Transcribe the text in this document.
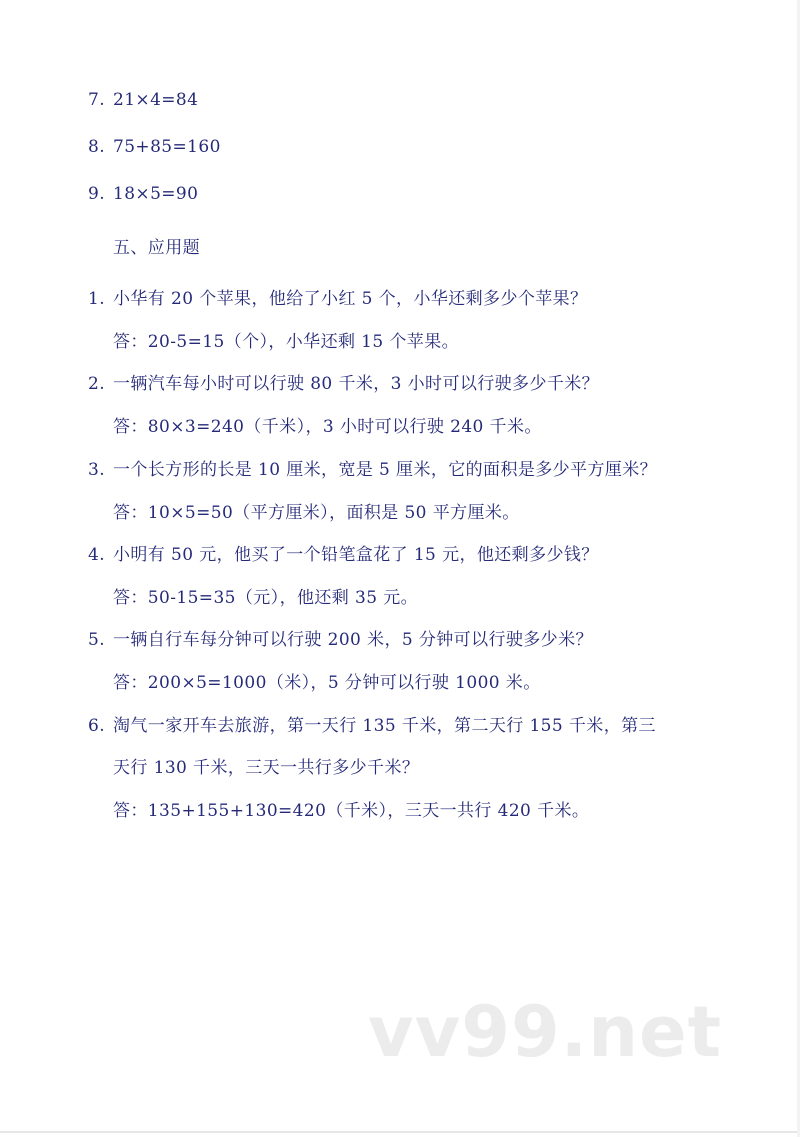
7. 21×4=84
8. 75+85=160
9. 18×5=90
五、应用题
1. 小华有 20 个苹果，他给了小红 5 个，小华还剩多少个苹果？
答：20-5=15（个），小华还剩 15 个苹果。
2. 一辆汽车每小时可以行驶 80 千米，3 小时可以行驶多少千米？
答：80×3=240（千米），3 小时可以行驶 240 千米。
3. 一个长方形的长是 10 厘米，宽是 5 厘米，它的面积是多少平方厘米？
答：10×5=50（平方厘米），面积是 50 平方厘米。
4. 小明有 50 元，他买了一个铅笔盒花了 15 元，他还剩多少钱？
答：50-15=35（元），他还剩 35 元。
5. 一辆自行车每分钟可以行驶 200 米，5 分钟可以行驶多少米？
答：200×5=1000（米），5 分钟可以行驶 1000 米。
6. 淘气一家开车去旅游，第一天行 135 千米，第二天行 155 千米，第三
天行 130 千米，三天一共行多少千米？
答：135+155+130=420（千米），三天一共行 420 千米。
vv99.net
